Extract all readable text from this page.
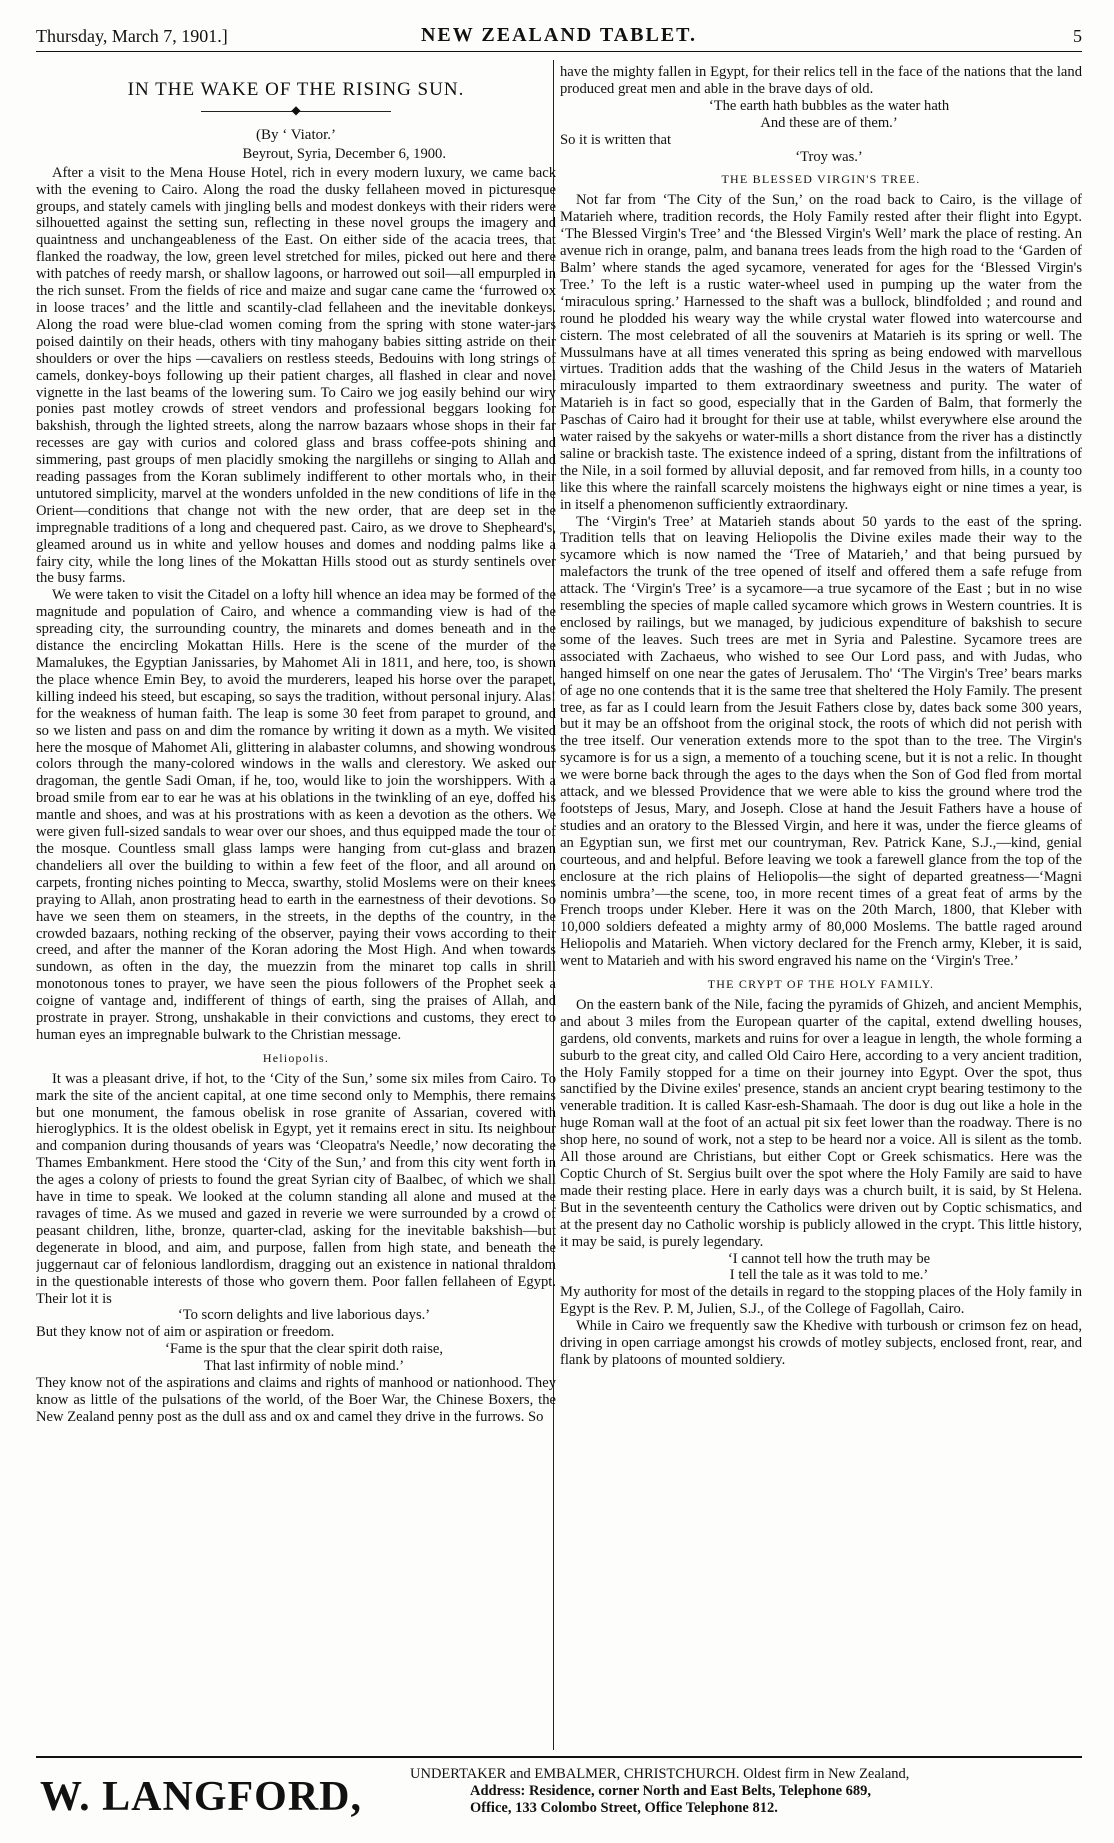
Thursday, March 7, 1901.]	NEW ZEALAND TABLET.	5
IN THE WAKE OF THE RISING SUN.
◆
(By ‘ Viator.’
Beyrout, Syria, December 6, 1900.

After a visit to the Mena House Hotel, rich in every modern luxury, we came back with the evening to Cairo. Along the road the dusky fellaheen moved in picturesque groups, and stately camels with jingling bells and modest donkeys with their riders were silhouetted against the setting sun, reflecting in these novel groups the imagery and quaintness and unchangeableness of the East. On either side of the acacia trees, that flanked the roadway, the low, green level stretched for miles, picked out here and there with patches of reedy marsh, or shallow lagoons, or harrowed out soil—all empurpled in the rich sunset. From the fields of rice and maize and sugar cane came the ‘furrowed ox in loose traces’ and the little and scantily-clad fellaheen and the inevitable donkeys. Along the road were blue-clad women coming from the spring with stone water-jars poised daintily on their heads, others with tiny mahogany babies sitting astride on their shoulders or over the hips —cavaliers on restless steeds, Bedouins with long strings of camels, donkey-boys following up their patient charges, all flashed in clear and novel vignette in the last beams of the lowering sum. To Cairo we jog easily behind our wiry ponies past motley crowds of street vendors and professional beggars looking for bakshish, through the lighted streets, along the narrow bazaars whose shops in their far recesses are gay with curios and colored glass and brass coffee-pots shining and simmering, past groups of men placidly smoking the nargillehs or singing to Allah and reading passages from the Koran sublimely indifferent to other mortals who, in their untutored simplicity, marvel at the wonders unfolded in the new conditions of life in the Orient—conditions that change not with the new order, that are deep set in the impregnable traditions of a long and chequered past. Cairo, as we drove to Shepheard's, gleamed around us in white and yellow houses and domes and nodding palms like a fairy city, while the long lines of the Mokattan Hills stood out as sturdy sentinels over the busy farms.

We were taken to visit the Citadel on a lofty hill whence an idea may be formed of the magnitude and population of Cairo, and whence a commanding view is had of the spreading city, the surrounding country, the minarets and domes beneath and in the distance the encircling Mokattan Hills. Here is the scene of the murder of the Mamalukes, the Egyptian Janissaries, by Mahomet Ali in 1811, and here, too, is shown the place whence Emin Bey, to avoid the murderers, leaped his horse over the parapet, killing indeed his steed, but escaping, so says the tradition, without personal injury. Alas! for the weakness of human faith. The leap is some 30 feet from parapet to ground, and so we listen and pass on and dim the romance by writing it down as a myth. We visited here the mosque of Mahomet Ali, glittering in alabaster columns, and showing wondrous colors through the many-colored windows in the walls and clerestory. We asked our dragoman, the gentle Sadi Oman, if he, too, would like to join the worshippers. With a broad smile from ear to ear he was at his oblations in the twinkling of an eye, doffed his mantle and shoes, and was at his prostrations with as keen a devotion as the others. We were given full-sized sandals to wear over our shoes, and thus equipped made the tour of the mosque. Countless small glass lamps were hanging from cut-glass and brazen chandeliers all over the building to within a few feet of the floor, and all around on carpets, fronting niches pointing to Mecca, swarthy, stolid Moslems were on their knees praying to Allah, anon prostrating head to earth in the earnestness of their devotions. So have we seen them on steamers, in the streets, in the depths of the country, in the crowded bazaars, nothing recking of the observer, paying their vows according to their creed, and after the manner of the Koran adoring the Most High. And when towards sundown, as often in the day, the muezzin from the minaret top calls in shrill monotonous tones to prayer, we have seen the pious followers of the Prophet seek a coigne of vantage and, indifferent of things of earth, sing the praises of Allah, and prostrate in prayer. Strong, unshakable in their convictions and customs, they erect to human eyes an impregnable bulwark to the Christian message.

Heliopolis.

It was a pleasant drive, if hot, to the ‘City of the Sun,’ some six miles from Cairo. To mark the site of the ancient capital, at one time second only to Memphis, there remains but one monument, the famous obelisk in rose granite of Assarian, covered with hieroglyphics. It is the oldest obelisk in Egypt, yet it remains erect in situ. Its neighbour and companion during thousands of years was ‘Cleopatra's Needle,’ now decorating the Thames Embankment. Here stood the ‘City of the Sun,’ and from this city went forth in the ages a colony of priests to found the great Syrian city of Baalbec, of which we shall have in time to speak. We looked at the column standing all alone and mused at the ravages of time. As we mused and gazed in reverie we were surrounded by a crowd of peasant children, lithe, bronze, quarter-clad, asking for the inevitable bakshish—but degenerate in blood, and aim, and purpose, fallen from high state, and beneath the juggernaut car of felonious landlordism, dragging out an existence in national thraldom in the questionable interests of those who govern them. Poor fallen fellaheen of Egypt. Their lot it is

‘To scorn delights and live laborious days.’

But they know not of aim or aspiration or freedom.

‘Fame is the spur that the clear spirit doth raise,
That last infirmity of noble mind.’

They know not of the aspirations and claims and rights of manhood or nationhood. They know as little of the pulsations of the world, of the Boer War, the Chinese Boxers, the New Zealand penny post as the dull ass and ox and camel they drive in the furrows. So

have the mighty fallen in Egypt, for their relics tell in the face of the nations that the land produced great men and able in the brave days of old.

‘The earth hath bubbles as the water hath
And these are of them.’

So it is written that

‘Troy was.’

THE BLESSED VIRGIN'S TREE.

Not far from ‘The City of the Sun,’ on the road back to Cairo, is the village of Matarieh where, tradition records, the Holy Family rested after their flight into Egypt. ‘The Blessed Virgin's Tree’ and ‘the Blessed Virgin's Well’ mark the place of resting. An avenue rich in orange, palm, and banana trees leads from the high road to the ‘Garden of Balm’ where stands the aged sycamore, venerated for ages for the ‘Blessed Virgin's Tree.’ To the left is a rustic water-wheel used in pumping up the water from the ‘miraculous spring.’ Harnessed to the shaft was a bullock, blindfolded ; and round and round he plodded his weary way the while crystal water flowed into watercourse and cistern. The most celebrated of all the souvenirs at Matarieh is its spring or well. The Mussulmans have at all times venerated this spring as being endowed with marvellous virtues. Tradition adds that the washing of the Child Jesus in the waters of Matarieh miraculously imparted to them extraordinary sweetness and purity. The water of Matarieh is in fact so good, especially that in the Garden of Balm, that formerly the Paschas of Cairo had it brought for their use at table, whilst everywhere else around the water raised by the sakyehs or water-mills a short distance from the river has a distinctly saline or brackish taste. The existence indeed of a spring, distant from the infiltrations of the Nile, in a soil formed by alluvial deposit, and far removed from hills, in a county too like this where the rainfall scarcely moistens the highways eight or nine times a year, is in itself a phenomenon sufficiently extraordinary.

The ‘Virgin's Tree’ at Matarieh stands about 50 yards to the east of the spring. Tradition tells that on leaving Heliopolis the Divine exiles made their way to the sycamore which is now named the ‘Tree of Matarieh,’ and that being pursued by malefactors the trunk of the tree opened of itself and offered them a safe refuge from attack. The ‘Virgin's Tree’ is a sycamore—a true sycamore of the East ; but in no wise resembling the species of maple called sycamore which grows in Western countries. It is enclosed by railings, but we managed, by judicious expenditure of bakshish to secure some of the leaves. Such trees are met in Syria and Palestine. Sycamore trees are associated with Zachaeus, who wished to see Our Lord pass, and with Judas, who hanged himself on one near the gates of Jerusalem. Tho' ‘The Virgin's Tree’ bears marks of age no one contends that it is the same tree that sheltered the Holy Family. The present tree, as far as I could learn from the Jesuit Fathers close by, dates back some 300 years, but it may be an offshoot from the original stock, the roots of which did not perish with the tree itself. Our veneration extends more to the spot than to the tree. The Virgin's sycamore is for us a sign, a memento of a touching scene, but it is not a relic. In thought we were borne back through the ages to the days when the Son of God fled from mortal attack, and we blessed Providence that we were able to kiss the ground where trod the footsteps of Jesus, Mary, and Joseph. Close at hand the Jesuit Fathers have a house of studies and an oratory to the Blessed Virgin, and here it was, under the fierce gleams of an Egyptian sun, we first met our countryman, Rev. Patrick Kane, S.J.,—kind, genial courteous, and and helpful. Before leaving we took a farewell glance from the top of the enclosure at the rich plains of Heliopolis—the sight of departed greatness—‘Magni nominis umbra’—the scene, too, in more recent times of a great feat of arms by the French troops under Kleber. Here it was on the 20th March, 1800, that Kleber with 10,000 soldiers defeated a mighty army of 80,000 Moslems. The battle raged around Heliopolis and Matarieh. When victory declared for the French army, Kleber, it is said, went to Matarieh and with his sword engraved his name on the ‘Virgin's Tree.’

THE CRYPT OF THE HOLY FAMILY.

On the eastern bank of the Nile, facing the pyramids of Ghizeh, and ancient Memphis, and about 3 miles from the European quarter of the capital, extend dwelling houses, gardens, old convents, markets and ruins for over a league in length, the whole forming a suburb to the great city, and called Old Cairo Here, according to a very ancient tradition, the Holy Family stopped for a time on their journey into Egypt. Over the spot, thus sanctified by the Divine exiles' presence, stands an ancient crypt bearing testimony to the venerable tradition. It is called Kasr-esh-Shamaah. The door is dug out like a hole in the huge Roman wall at the foot of an actual pit six feet lower than the roadway. There is no shop here, no sound of work, not a step to be heard nor a voice. All is silent as the tomb. All those around are Christians, but either Copt or Greek schismatics. Here was the Coptic Church of St. Sergius built over the spot where the Holy Family are said to have made their resting place. Here in early days was a church built, it is said, by St Helena. But in the seventeenth century the Catholics were driven out by Coptic schismatics, and at the present day no Catholic worship is publicly allowed in the crypt. This little history, it may be said, is purely legendary.

‘I cannot tell how the truth may be
I tell the tale as it was told to me.’

My authority for most of the details in regard to the stopping places of the Holy family in Egypt is the Rev. P. M, Julien, S.J., of the College of Fagollah, Cairo.

While in Cairo we frequently saw the Khedive with turboush or crimson fez on head, driving in open carriage amongst his crowds of motley subjects, enclosed front, rear, and flank by platoons of mounted soldiery.

W. LANGFORD,	UNDERTAKER and EMBALMER, CHRISTCHURCH. Oldest firm in New Zealand,
Address: Residence, corner North and East Belts, Telephone 689,
Office, 133 Colombo Street, Office Telephone 812.
